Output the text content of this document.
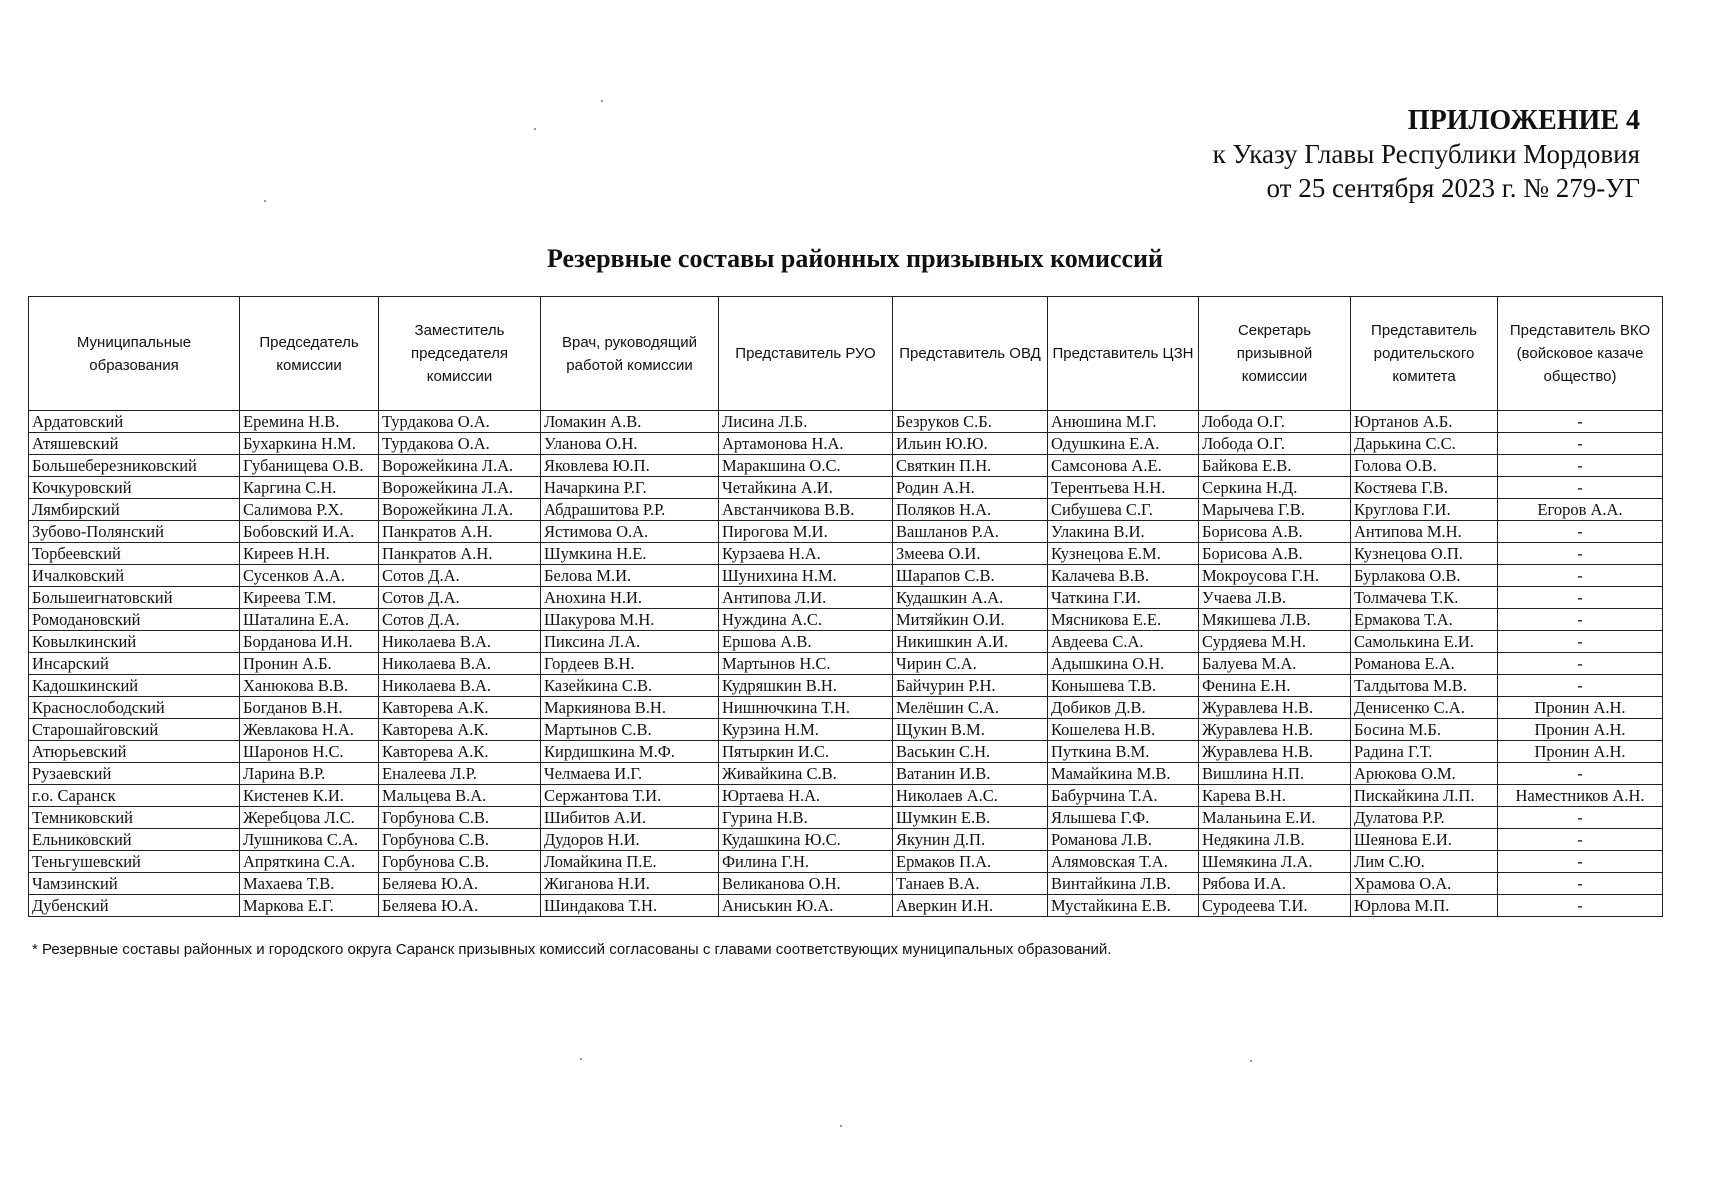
ПРИЛОЖЕНИЕ 4
к Указу Главы Республики Мордовия
от 25 сентября 2023 г. № 279-УГ
Резервные составы районных призывных комиссий
Муниципальные образования	Председатель комиссии	Заместитель председателя комиссии	Врач, руководящий работой комиссии	Представитель РУО	Представитель ОВД	Представитель ЦЗН	Секретарь призывной комиссии	Представитель родительского комитета	Представитель ВКО (войсковое казаче общество)
Ардатовский	Еремина Н.В.	Турдакова О.А.	Ломакин А.В.	Лисина Л.Б.	Безруков С.Б.	Анюшина М.Г.	Лобода О.Г.	Юртанов А.Б.	-
Атяшевский	Бухаркина Н.М.	Турдакова О.А.	Уланова О.Н.	Артамонова Н.А.	Ильин Ю.Ю.	Одушкина Е.А.	Лобода О.Г.	Дарькина С.С.	-
Большеберезниковский	Губанищева О.В.	Ворожейкина Л.А.	Яковлева Ю.П.	Маракшина О.С.	Святкин П.Н.	Самсонова А.Е.	Байкова Е.В.	Голова О.В.	-
Кочкуровский	Каргина С.Н.	Ворожейкина Л.А.	Начаркина Р.Г.	Четайкина А.И.	Родин А.Н.	Терентьева Н.Н.	Серкина Н.Д.	Костяева Г.В.	-
Лямбирский	Салимова Р.Х.	Ворожейкина Л.А.	Абдрашитова Р.Р.	Австанчикова В.В.	Поляков Н.А.	Сибушева С.Г.	Марычева Г.В.	Круглова Г.И.	Егоров А.А.
Зубово-Полянский	Бобовский И.А.	Панкратов А.Н.	Ястимова О.А.	Пирогова М.И.	Вашланов Р.А.	Улакина В.И.	Борисова А.В.	Антипова М.Н.	-
Торбеевский	Киреев Н.Н.	Панкратов А.Н.	Шумкина Н.Е.	Курзаева Н.А.	Змеева О.И.	Кузнецова Е.М.	Борисова А.В.	Кузнецова О.П.	-
Ичалковский	Сусенков А.А.	Сотов Д.А.	Белова М.И.	Шунихина Н.М.	Шарапов С.В.	Калачева В.В.	Мокроусова Г.Н.	Бурлакова О.В.	-
Большеигнатовский	Киреева Т.М.	Сотов Д.А.	Анохина Н.И.	Антипова Л.И.	Кудашкин А.А.	Чаткина Г.И.	Учаева Л.В.	Толмачева Т.К.	-
Ромодановский	Шаталина Е.А.	Сотов Д.А.	Шакурова М.Н.	Нуждина А.С.	Митяйкин О.И.	Мясникова Е.Е.	Мякишева Л.В.	Ермакова Т.А.	-
Ковылкинский	Борданова И.Н.	Николаева В.А.	Пиксина Л.А.	Ершова А.В.	Никишкин А.И.	Авдеева С.А.	Сурдяева М.Н.	Самолькина Е.И.	-
Инсарский	Пронин А.Б.	Николаева В.А.	Гордеев В.Н.	Мартынов Н.С.	Чирин С.А.	Адышкина О.Н.	Балуева М.А.	Романова Е.А.	-
Кадошкинский	Ханюкова В.В.	Николаева В.А.	Казейкина С.В.	Кудряшкин В.Н.	Байчурин Р.Н.	Конышева Т.В.	Фенина Е.Н.	Талдытова М.В.	-
Краснослободский	Богданов В.Н.	Кавторева А.К.	Маркиянова В.Н.	Нишнючкина Т.Н.	Мелёшин С.А.	Добиков Д.В.	Журавлева Н.В.	Денисенко С.А.	Пронин А.Н.
Старошайговский	Жевлакова Н.А.	Кавторева А.К.	Мартынов С.В.	Курзина Н.М.	Щукин В.М.	Кошелева Н.В.	Журавлева Н.В.	Босина М.Б.	Пронин А.Н.
Атюрьевский	Шаронов Н.С.	Кавторева А.К.	Кирдишкина М.Ф.	Пятыркин И.С.	Васькин С.Н.	Путкина В.М.	Журавлева Н.В.	Радина Г.Т.	Пронин А.Н.
Рузаевский	Ларина В.Р.	Еналеева Л.Р.	Челмаева И.Г.	Живайкина С.В.	Ватанин И.В.	Мамайкина М.В.	Вишлина Н.П.	Арюкова О.М.	-
г.о. Саранск	Кистенев К.И.	Мальцева В.А.	Сержантова Т.И.	Юртаева Н.А.	Николаев А.С.	Бабурчина Т.А.	Карева В.Н.	Пискайкина Л.П.	Наместников А.Н.
Темниковский	Жеребцова Л.С.	Горбунова С.В.	Шибитов А.И.	Гурина Н.В.	Шумкин Е.В.	Ялышева Г.Ф.	Маланьина Е.И.	Дулатова Р.Р.	-
Ельниковский	Лушникова С.А.	Горбунова С.В.	Дудоров Н.И.	Кудашкина Ю.С.	Якунин Д.П.	Романова Л.В.	Недякина Л.В.	Шеянова Е.И.	-
Теньгушевский	Апряткина С.А.	Горбунова С.В.	Ломайкина П.Е.	Филина Г.Н.	Ермаков П.А.	Алямовская Т.А.	Шемякина Л.А.	Лим С.Ю.	-
Чамзинский	Махаева Т.В.	Беляева Ю.А.	Жиганова Н.И.	Великанова О.Н.	Танаев В.А.	Винтайкина Л.В.	Рябова И.А.	Храмова О.А.	-
Дубенский	Маркова Е.Г.	Беляева Ю.А.	Шиндакова Т.Н.	Аниськин Ю.А.	Аверкин И.Н.	Мустайкина Е.В.	Суродеева Т.И.	Юрлова М.П.	-
* Резервные составы районных и городского округа Саранск призывных комиссий согласованы с главами соответствующих муниципальных образований.
